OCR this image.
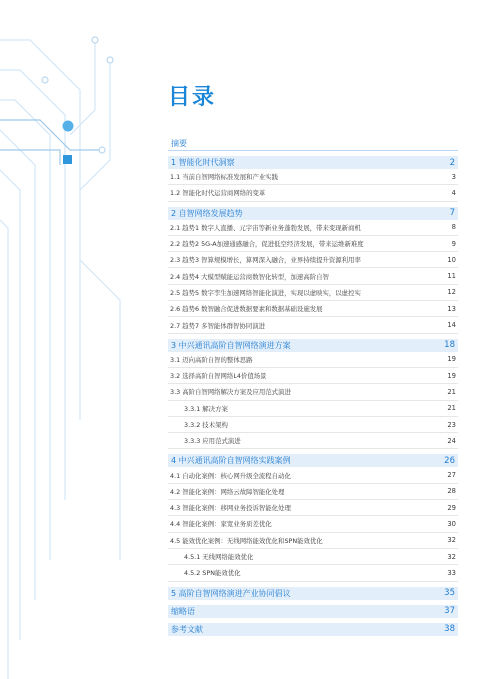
目录
摘要
1 智能化时代洞察	2
1.1 当前自智网络标准发展和产业实践	3
1.2 智能化时代运营商网络的变革	4
2 自智网络发展趋势	7
2.1 趋势1 数字人直播、元宇宙等新业务蓬勃发展，带来变现新商机	8
2.2 趋势2 5G-A加速通感融合，促进低空经济发展，带来运维新难度	9
2.3 趋势3 智算规模增长，算网深入融合，业界持续提升资源利用率	10
2.4 趋势4 大模型赋能运营商数智化转型，加速高阶自智	11
2.5 趋势5 数字孪生加速网络智能化演进，实现以虚映实，以虚控实	12
2.6 趋势6 数智融合促进数据要素和数据基础设施发展	13
2.7 趋势7 多智能体群智协同演进	14
3 中兴通讯高阶自智网络演进方案	18
3.1 迈向高阶自智的整体思路	19
3.2 选择高阶自智网络L4价值场景	19
3.3 高阶自智网络解决方案及应用范式演进	21
3.3.1 解决方案	21
3.3.2 技术架构	23
3.3.3 应用范式演进	24
4 中兴通讯高阶自智网络实践案例	26
4.1 自动化案例：核心网升级全流程自动化	27
4.2 智能化案例：网络云故障智能化处理	28
4.3 智能化案例：移网业务投诉智能化处理	29
4.4 智能化案例：家宽业务质差优化	30
4.5 能效优化案例：无线网络能效优化和SPN能效优化	32
4.5.1 无线网络能效优化	32
4.5.2 SPN能效优化	33
5 高阶自智网络演进产业协同倡议	35
缩略语	37
参考文献	38
